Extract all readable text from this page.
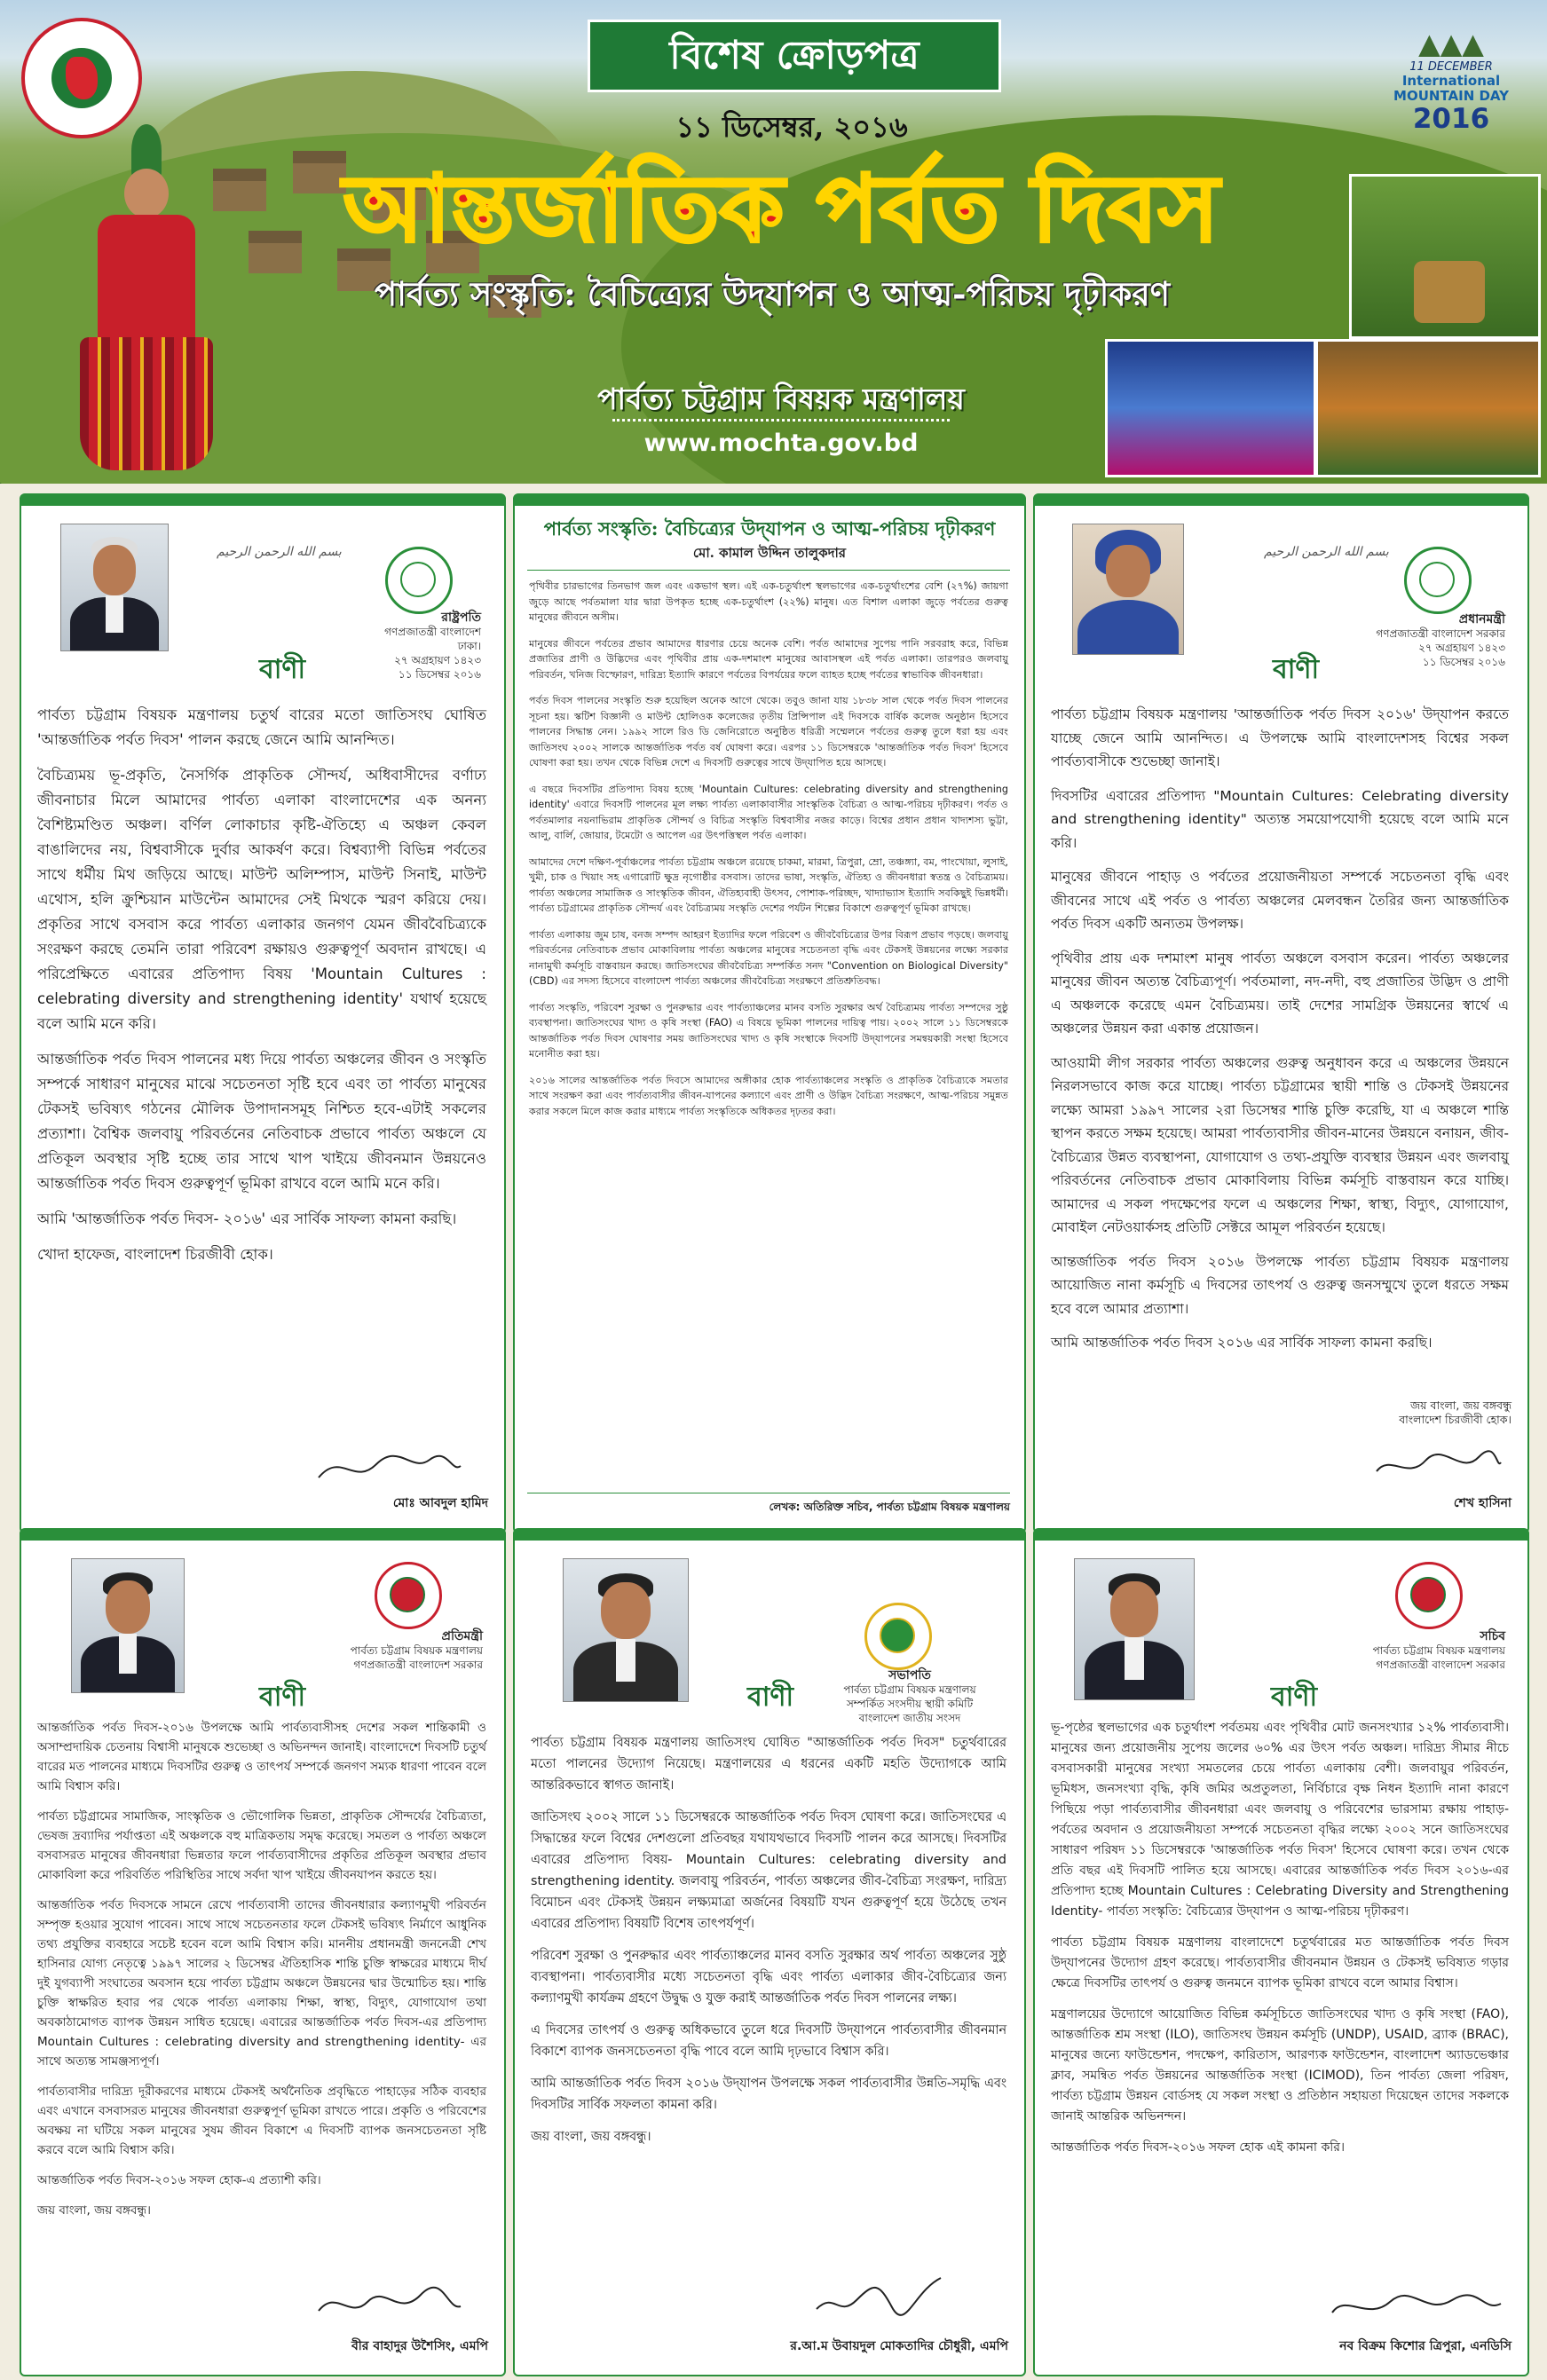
বিশেষ ক্রোড়পত্র
১১ ডিসেম্বর, ২০১৬
আন্তর্জাতিক পর্বত দিবস
পার্বত্য সংস্কৃতি: বৈচিত্র্যের উদ্‌যাপন ও আত্ম-পরিচয় দৃঢ়ীকরণ
পার্বত্য চট্টগ্রাম বিষয়ক মন্ত্রণালয়
www.mochta.gov.bd
▲▲▲
11 DECEMBER
International
MOUNTAIN DAY
2016
بسم الله الرحمن الرحيم
বাণী
রাষ্ট্রপতি
গণপ্রজাতন্ত্রী বাংলাদেশ
ঢাকা।
২৭ অগ্রহায়ণ ১৪২৩
১১ ডিসেম্বর ২০১৬

পার্বত্য চট্টগ্রাম বিষয়ক মন্ত্রণালয় চতুর্থ বারের মতো জাতিসংঘ ঘোষিত 'আন্তর্জাতিক পর্বত দিবস' পালন করছে জেনে আমি আনন্দিত।

বৈচিত্র্যময় ভূ-প্রকৃতি, নৈসর্গিক প্রাকৃতিক সৌন্দর্য, অধিবাসীদের বর্ণাঢ্য জীবনাচার মিলে আমাদের পার্বত্য এলাকা বাংলাদেশের এক অনন্য বৈশিষ্ট্যমণ্ডিত অঞ্চল। বর্ণিল লোকাচার কৃষ্টি-ঐতিহ্যে এ অঞ্চল কেবল বাঙালিদের নয়, বিশ্ববাসীকে দুর্বার আকর্ষণ করে। বিশ্বব্যাপী বিভিন্ন পর্বতের সাথে ধর্মীয় মিথ জড়িয়ে আছে। মাউন্ট অলিম্পাস, মাউন্ট সিনাই, মাউন্ট এথোস, হলি ক্রুশ্চিয়ান মাউন্টেন আমাদের সেই মিথকে স্মরণ করিয়ে দেয়। প্রকৃতির সাথে বসবাস করে পার্বত্য এলাকার জনগণ যেমন জীববৈচিত্র্যকে সংরক্ষণ করছে তেমনি তারা পরিবেশ রক্ষায়ও গুরুত্বপূর্ণ অবদান রাখছে। এ পরিপ্রেক্ষিতে এবারের প্রতিপাদ্য বিষয় 'Mountain Cultures : celebrating diversity and strengthening identity' যথার্থ হয়েছে বলে আমি মনে করি।

আন্তর্জাতিক পর্বত দিবস পালনের মধ্য দিয়ে পার্বত্য অঞ্চলের জীবন ও সংস্কৃতি সম্পর্কে সাধারণ মানুষের মাঝে সচেতনতা সৃষ্টি হবে এবং তা পার্বত্য মানুষের টেকসই ভবিষ্যৎ গঠনের মৌলিক উপাদানসমূহ নিশ্চিত হবে-এটাই সকলের প্রত্যাশা। বৈশ্বিক জলবায়ু পরিবর্তনের নেতিবাচক প্রভাবে পার্বত্য অঞ্চলে যে প্রতিকূল অবস্থার সৃষ্টি হচ্ছে তার সাথে খাপ খাইয়ে জীবনমান উন্নয়নেও আন্তর্জাতিক পর্বত দিবস গুরুত্বপূর্ণ ভূমিকা রাখবে বলে আমি মনে করি।

আমি 'আন্তর্জাতিক পর্বত দিবস- ২০১৬' এর সার্বিক সাফল্য কামনা করছি।

খোদা হাফেজ, বাংলাদেশ চিরজীবী হোক।

মোঃ আবদুল হামিদ
পার্বত্য সংস্কৃতি: বৈচিত্র্যের উদ্‌যাপন ও আত্ম-পরিচয় দৃঢ়ীকরণ
মো. কামাল উদ্দিন তালুকদার

পৃথিবীর চারভাগের তিনভাগ জল এবং একভাগ স্থল। এই এক-চতুর্থাংশ স্থলভাগের এক-চতুর্থাংশের বেশি (২৭%) জায়গা জুড়ে আছে পর্বতমালা যার দ্বারা উপকৃত হচ্ছে এক-চতুর্থাংশ (২২%) মানুষ। এত বিশাল এলাকা জুড়ে পর্বতের গুরুত্ব মানুষের জীবনে অসীম।

মানুষের জীবনে পর্বতের প্রভাব আমাদের ধারণার চেয়ে অনেক বেশি। পর্বত আমাদের সুপেয় পানি সরবরাহ করে, বিভিন্ন প্রজাতির প্রাণী ও উদ্ভিদের এবং পৃথিবীর প্রায় এক-দশমাংশ মানুষের আবাসস্থল এই পর্বত এলাকা। তারপরও জলবায়ু পরিবর্তন, খনিজ বিস্ফোরণ, দারিদ্র্য ইত্যাদি কারণে পর্বতের বিপর্যয়ের ফলে ব্যাহত হচ্ছে পর্বতের স্বাভাবিক জীবনধারা।

পর্বত দিবস পালনের সংস্কৃতি শুরু হয়েছিল অনেক আগে থেকে। তবুও জানা যায় ১৮৩৮ সাল থেকে পর্বত দিবস পালনের সূচনা হয়। স্কটিশ বিজ্ঞানী ও মাউন্ট হোলিওক কলেজের তৃতীয় প্রিন্সিপাল এই দিবসকে বার্ষিক কলেজ অনুষ্ঠান হিসেবে পালনের সিদ্ধান্ত নেন। ১৯৯২ সালে রিও ডি জেনিরোতে অনুষ্ঠিত ধরিত্রী সম্মেলনে পর্বতের গুরুত্ব তুলে ধরা হয় এবং জাতিসংঘ ২০০২ সালকে আন্তর্জাতিক পর্বত বর্ষ ঘোষণা করে। এরপর ১১ ডিসেম্বরকে 'আন্তর্জাতিক পর্বত দিবস' হিসেবে ঘোষণা করা হয়। তখন থেকে বিভিন্ন দেশে এ দিবসটি গুরুত্বের সাথে উদ্‌যাপিত হয়ে আসছে।

এ বছরে দিবসটির প্রতিপাদ্য বিষয় হচ্ছে 'Mountain Cultures: celebrating diversity and strengthening identity' এবারে দিবসটি পালনের মূল লক্ষ্য পার্বত্য এলাকাবাসীর সাংস্কৃতিক বৈচিত্র্য ও আত্ম-পরিচয় দৃঢ়ীকরণ। পর্বত ও পর্বতমালার নয়নাভিরাম প্রাকৃতিক সৌন্দর্য ও বিচিত্র সংস্কৃতি বিশ্ববাসীর নজর কাড়ে। বিশ্বের প্রধান প্রধান খাদ্যশস্য ভুট্টা, আলু, বার্লি, জোয়ার, টমেটো ও আপেল এর উৎপত্তিস্থল পর্বত এলাকা।

আমাদের দেশে দক্ষিণ-পূর্বাঞ্চলের পার্বত্য চট্টগ্রাম অঞ্চলে রয়েছে চাকমা, মারমা, ত্রিপুরা, ম্রো, তঞ্চঙ্গ্যা, বম, পাংখোয়া, লুসাই, খুমী, চাক ও খিয়াং সহ এগারোটি ক্ষুদ্র নৃগোষ্ঠীর বসবাস। তাদের ভাষা, সংস্কৃতি, ঐতিহ্য ও জীবনধারা স্বতন্ত্র ও বৈচিত্র্যময়। পার্বত্য অঞ্চলের সামাজিক ও সাংস্কৃতিক জীবন, ঐতিহ্যবাহী উৎসব, পোশাক-পরিচ্ছদ, খাদ্যাভ্যাস ইত্যাদি সবকিছুই ভিন্নধর্মী। পার্বত্য চট্টগ্রামের প্রাকৃতিক সৌন্দর্য এবং বৈচিত্র্যময় সংস্কৃতি দেশের পর্যটন শিল্পের বিকাশে গুরুত্বপূর্ণ ভূমিকা রাখছে।

পার্বত্য এলাকায় জুম চাষ, বনজ সম্পদ আহরণ ইত্যাদির ফলে পরিবেশ ও জীববৈচিত্র্যের উপর বিরূপ প্রভাব পড়ছে। জলবায়ু পরিবর্তনের নেতিবাচক প্রভাব মোকাবিলায় পার্বত্য অঞ্চলের মানুষের সচেতনতা বৃদ্ধি এবং টেকসই উন্নয়নের লক্ষ্যে সরকার নানামুখী কর্মসূচি বাস্তবায়ন করছে। জাতিসংঘের জীববৈচিত্র্য সম্পর্কিত সনদ "Convention on Biological Diversity" (CBD) এর সদস্য হিসেবে বাংলাদেশ পার্বত্য অঞ্চলের জীববৈচিত্র্য সংরক্ষণে প্রতিশ্রুতিবদ্ধ।

পার্বত্য সংস্কৃতি, পরিবেশ সুরক্ষা ও পুনরুদ্ধার এবং পার্বত্যাঞ্চলের মানব বসতি সুরক্ষার অর্থ বৈচিত্র্যময় পার্বত্য সম্পদের সুষ্ঠু ব্যবস্থাপনা। জাতিসংঘের খাদ্য ও কৃষি সংস্থা (FAO) এ বিষয়ে ভূমিকা পালনের দায়িত্ব পায়। ২০০২ সালে ১১ ডিসেম্বরকে আন্তর্জাতিক পর্বত দিবস ঘোষণার সময় জাতিসংঘের খাদ্য ও কৃষি সংস্থাকে দিবসটি উদ্‌যাপনের সমন্বয়কারী সংস্থা হিসেবে মনোনীত করা হয়।

২০১৬ সালের আন্তর্জাতিক পর্বত দিবসে আমাদের অঙ্গীকার হোক পার্বত্যাঞ্চলের সংস্কৃতি ও প্রাকৃতিক বৈচিত্র্যকে সমতার সাথে সংরক্ষণ করা এবং পার্বত্যবাসীর জীবন-যাপনের কল্যাণে এবং প্রাণী ও উদ্ভিদ বৈচিত্র্য সংরক্ষণে, আত্ম-পরিচয় সমুন্নত করার সকলে মিলে কাজ করার মাধ্যমে পার্বত্য সংস্কৃতিকে অধিকতর দৃঢ়তর করা।

লেখক: অতিরিক্ত সচিব, পার্বত্য চট্টগ্রাম বিষয়ক মন্ত্রণালয়
بسم الله الرحمن الرحيم
বাণী
প্রধানমন্ত্রী
গণপ্রজাতন্ত্রী বাংলাদেশ সরকার
২৭ অগ্রহায়ণ ১৪২৩
১১ ডিসেম্বর ২০১৬

পার্বত্য চট্টগ্রাম বিষয়ক মন্ত্রণালয় 'আন্তর্জাতিক পর্বত দিবস ২০১৬' উদ্‌যাপন করতে যাচ্ছে জেনে আমি আনন্দিত। এ উপলক্ষে আমি বাংলাদেশসহ বিশ্বের সকল পার্বত্যবাসীকে শুভেচ্ছা জানাই।

দিবসটির এবারের প্রতিপাদ্য "Mountain Cultures: Celebrating diversity and strengthening identity" অত্যন্ত সময়োপযোগী হয়েছে বলে আমি মনে করি।

মানুষের জীবনে পাহাড় ও পর্বতের প্রয়োজনীয়তা সম্পর্কে সচেতনতা বৃদ্ধি এবং জীবনের সাথে এই পর্বত ও পার্বত্য অঞ্চলের মেলবন্ধন তৈরির জন্য আন্তর্জাতিক পর্বত দিবস একটি অন্যতম উপলক্ষ।

পৃথিবীর প্রায় এক দশমাংশ মানুষ পার্বত্য অঞ্চলে বসবাস করেন। পার্বত্য অঞ্চলের মানুষের জীবন অত্যন্ত বৈচিত্র্যপূর্ণ। পর্বতমালা, নদ-নদী, বহু প্রজাতির উদ্ভিদ ও প্রাণী এ অঞ্চলকে করেছে এমন বৈচিত্র্যময়। তাই দেশের সামগ্রিক উন্নয়নের স্বার্থে এ অঞ্চলের উন্নয়ন করা একান্ত প্রয়োজন।

আওয়ামী লীগ সরকার পার্বত্য অঞ্চলের গুরুত্ব অনুধাবন করে এ অঞ্চলের উন্নয়নে নিরলসভাবে কাজ করে যাচ্ছে। পার্বত্য চট্টগ্রামের স্থায়ী শান্তি ও টেকসই উন্নয়নের লক্ষ্যে আমরা ১৯৯৭ সালের ২রা ডিসেম্বর শান্তি চুক্তি করেছি, যা এ অঞ্চলে শান্তি স্থাপন করতে সক্ষম হয়েছে। আমরা পার্বত্যবাসীর জীবন-মানের উন্নয়নে বনায়ন, জীব-বৈচিত্র্যের উন্নত ব্যবস্থাপনা, যোগাযোগ ও তথ্য-প্রযুক্তি ব্যবস্থার উন্নয়ন এবং জলবায়ু পরিবর্তনের নেতিবাচক প্রভাব মোকাবিলায় বিভিন্ন কর্মসূচি বাস্তবায়ন করে যাচ্ছি। আমাদের এ সকল পদক্ষেপের ফলে এ অঞ্চলের শিক্ষা, স্বাস্থ্য, বিদ্যুৎ, যোগাযোগ, মোবাইল নেটওয়ার্কসহ প্রতিটি সেক্টরে আমূল পরিবর্তন হয়েছে।

আন্তর্জাতিক পর্বত দিবস ২০১৬ উপলক্ষে পার্বত্য চট্টগ্রাম বিষয়ক মন্ত্রণালয় আয়োজিত নানা কর্মসূচি এ দিবসের তাৎপর্য ও গুরুত্ব জনসম্মুখে তুলে ধরতে সক্ষম হবে বলে আমার প্রত্যাশা।

আমি আন্তর্জাতিক পর্বত দিবস ২০১৬ এর সার্বিক সাফল্য কামনা করছি।

জয় বাংলা, জয় বঙ্গবন্ধু
বাংলাদেশ চিরজীবী হোক।
শেখ হাসিনা
বাণী
প্রতিমন্ত্রী
পার্বত্য চট্টগ্রাম বিষয়ক মন্ত্রণালয়
গণপ্রজাতন্ত্রী বাংলাদেশ সরকার

আন্তর্জাতিক পর্বত দিবস-২০১৬ উপলক্ষে আমি পার্বত্যবাসীসহ দেশের সকল শান্তিকামী ও অসাম্প্রদায়িক চেতনায় বিশ্বাসী মানুষকে শুভেচ্ছা ও অভিনন্দন জানাই। বাংলাদেশে দিবসটি চতুর্থ বারের মত পালনের মাধ্যমে দিবসটির গুরুত্ব ও তাৎপর্য সম্পর্কে জনগণ সম্যক ধারণা পাবেন বলে আমি বিশ্বাস করি।

পার্বত্য চট্টগ্রামের সামাজিক, সাংস্কৃতিক ও ভৌগোলিক ভিন্নতা, প্রাকৃতিক সৌন্দর্যের বৈচিত্র্যতা, ভেষজ দ্রব্যাদির পর্যাপ্ততা এই অঞ্চলকে বহু মাত্রিকতায় সমৃদ্ধ করেছে। সমতল ও পার্বত্য অঞ্চলে বসবাসরত মানুষের জীবনধারা ভিন্নতার ফলে পার্বত্যবাসীদের প্রকৃতির প্রতিকূল অবস্থার প্রভাব মোকাবিলা করে পরিবর্তিত পরিস্থিতির সাথে সর্বদা খাপ খাইয়ে জীবনযাপন করতে হয়।

আন্তর্জাতিক পর্বত দিবসকে সামনে রেখে পার্বত্যবাসী তাদের জীবনধারার কল্যাণমুখী পরিবর্তন সম্পৃক্ত হওয়ার সুযোগ পাবেন। সাথে সাথে সচেতনতার ফলে টেকসই ভবিষ্যৎ নির্মাণে আধুনিক তথ্য প্রযুক্তির ব্যবহারে সচেষ্ট হবেন বলে আমি বিশ্বাস করি। মাননীয় প্রধানমন্ত্রী জননেত্রী শেখ হাসিনার যোগ্য নেতৃত্বে ১৯৯৭ সালের ২ ডিসেম্বর ঐতিহাসিক শান্তি চুক্তি স্বাক্ষরের মাধ্যমে দীর্ঘ দুই যুগব্যাপী সংঘাতের অবসান হয়ে পার্বত্য চট্টগ্রাম অঞ্চলে উন্নয়নের দ্বার উন্মোচিত হয়। শান্তি চুক্তি স্বাক্ষরিত হবার পর থেকে পার্বত্য এলাকায় শিক্ষা, স্বাস্থ্য, বিদ্যুৎ, যোগাযোগ তথা অবকাঠামোগত ব্যাপক উন্নয়ন সাধিত হয়েছে। এবারের আন্তর্জাতিক পর্বত দিবস-এর প্রতিপাদ্য Mountain Cultures : celebrating diversity and strengthening identity- এর সাথে অত্যন্ত সামঞ্জস্যপূর্ণ।

পার্বত্যবাসীর দারিদ্র্য দূরীকরণের মাধ্যমে টেকসই অর্থনৈতিক প্রবৃদ্ধিতে পাহাড়ের সঠিক ব্যবহার এবং এখানে বসবাসরত মানুষের জীবনধারা গুরুত্বপূর্ণ ভূমিকা রাখতে পারে। প্রকৃতি ও পরিবেশের অবক্ষয় না ঘটিয়ে সকল মানুষের সুষম জীবন বিকাশে এ দিবসটি ব্যাপক জনসচেতনতা সৃষ্টি করবে বলে আমি বিশ্বাস করি।

আন্তর্জাতিক পর্বত দিবস-২০১৬ সফল হোক-এ প্রত্যাশী করি।

জয় বাংলা, জয় বঙ্গবন্ধু।

বীর বাহাদুর উশৈসিং, এমপি
বাণী
সভাপতি
পার্বত্য চট্টগ্রাম বিষয়ক মন্ত্রণালয়
সম্পর্কিত সংসদীয় স্থায়ী কমিটি
বাংলাদেশ জাতীয় সংসদ

পার্বত্য চট্টগ্রাম বিষয়ক মন্ত্রণালয় জাতিসংঘ ঘোষিত "আন্তর্জাতিক পর্বত দিবস" চতুর্থবারের মতো পালনের উদ্যোগ নিয়েছে। মন্ত্রণালয়ের এ ধরনের একটি মহতি উদ্যোগকে আমি আন্তরিকভাবে স্বাগত জানাই।

জাতিসংঘ ২০০২ সালে ১১ ডিসেম্বরকে আন্তর্জাতিক পর্বত দিবস ঘোষণা করে। জাতিসংঘের এ সিদ্ধান্তের ফলে বিশ্বের দেশগুলো প্রতিবছর যথাযথভাবে দিবসটি পালন করে আসছে। দিবসটির এবারের প্রতিপাদ্য বিষয়- Mountain Cultures: celebrating diversity and strengthening identity. জলবায়ু পরিবর্তন, পার্বত্য অঞ্চলের জীব-বৈচিত্র্য সংরক্ষণ, দারিদ্র্য বিমোচন এবং টেকসই উন্নয়ন লক্ষ্যমাত্রা অর্জনের বিষয়টি যখন গুরুত্বপূর্ণ হয়ে উঠেছে তখন এবারের প্রতিপাদ্য বিষয়টি বিশেষ তাৎপর্যপূর্ণ।

পরিবেশ সুরক্ষা ও পুনরুদ্ধার এবং পার্বত্যাঞ্চলের মানব বসতি সুরক্ষার অর্থ পার্বত্য অঞ্চলের সুষ্ঠু ব্যবস্থাপনা। পার্বত্যবাসীর মধ্যে সচেতনতা বৃদ্ধি এবং পার্বত্য এলাকার জীব-বৈচিত্র্যের জন্য কল্যাণমুখী কার্যক্রম গ্রহণে উদ্বুদ্ধ ও যুক্ত করাই আন্তর্জাতিক পর্বত দিবস পালনের লক্ষ্য।

এ দিবসের তাৎপর্য ও গুরুত্ব অধিকভাবে তুলে ধরে দিবসটি উদ্‌যাপনে পার্বত্যবাসীর জীবনমান বিকাশে ব্যাপক জনসচেতনতা বৃদ্ধি পাবে বলে আমি দৃঢ়ভাবে বিশ্বাস করি।

আমি আন্তর্জাতিক পর্বত দিবস ২০১৬ উদ্‌যাপন উপলক্ষে সকল পার্বত্যবাসীর উন্নতি-সমৃদ্ধি এবং দিবসটির সার্বিক সফলতা কামনা করি।

জয় বাংলা, জয় বঙ্গবন্ধু।

র.আ.ম উবায়দুল মোকতাদির চৌধুরী, এমপি
বাণী
সচিব
পার্বত্য চট্টগ্রাম বিষয়ক মন্ত্রণালয়
গণপ্রজাতন্ত্রী বাংলাদেশ সরকার

ভূ-পৃষ্ঠের স্থলভাগের এক চতুর্থাংশ পর্বতময় এবং পৃথিবীর মোট জনসংখ্যার ১২% পার্বত্যবাসী। মানুষের জন্য প্রয়োজনীয় সুপেয় জলের ৬০% এর উৎস পর্বত অঞ্চল। দারিদ্র্য সীমার নীচে বসবাসকারী মানুষের সংখ্যা সমতলের চেয়ে পার্বত্য এলাকায় বেশী। জলবায়ুর পরিবর্তন, ভূমিধস, জনসংখ্যা বৃদ্ধি, কৃষি জমির অপ্রতুলতা, নির্বিচারে বৃক্ষ নিধন ইত্যাদি নানা কারণে পিছিয়ে পড়া পার্বত্যবাসীর জীবনধারা এবং জলবায়ু ও পরিবেশের ভারসাম্য রক্ষায় পাহাড়-পর্বতের অবদান ও প্রয়োজনীয়তা সম্পর্কে সচেতনতা বৃদ্ধির লক্ষ্যে ২০০২ সনে জাতিসংঘের সাধারণ পরিষদ ১১ ডিসেম্বরকে 'আন্তর্জাতিক পর্বত দিবস' হিসেবে ঘোষণা করে। তখন থেকে প্রতি বছর এই দিবসটি পালিত হয়ে আসছে। এবারের আন্তর্জাতিক পর্বত দিবস ২০১৬-এর প্রতিপাদ্য হচ্ছে Mountain Cultures : Celebrating Diversity and Strengthening Identity- পার্বত্য সংস্কৃতি: বৈচিত্র্যের উদ্‌যাপন ও আত্ম-পরিচয় দৃঢ়ীকরণ।

পার্বত্য চট্টগ্রাম বিষয়ক মন্ত্রণালয় বাংলাদেশে চতুর্থবারের মত আন্তর্জাতিক পর্বত দিবস উদ্‌যাপনের উদ্যোগ গ্রহণ করেছে। পার্বত্যবাসীর জীবনমান উন্নয়ন ও টেকসই ভবিষ্যত গড়ার ক্ষেত্রে দিবসটির তাৎপর্য ও গুরুত্ব জনমনে ব্যাপক ভূমিকা রাখবে বলে আমার বিশ্বাস।

মন্ত্রণালয়ের উদ্যোগে আয়োজিত বিভিন্ন কর্মসূচিতে জাতিসংঘের খাদ্য ও কৃষি সংস্থা (FAO), আন্তর্জাতিক শ্রম সংস্থা (ILO), জাতিসংঘ উন্নয়ন কর্মসূচি (UNDP), USAID, ব্র্যাক (BRAC), মানুষের জন্যে ফাউন্ডেশন, পদক্ষেপ, কারিতাস, আরণ্যক ফাউন্ডেশন, বাংলাদেশ অ্যাডভেঞ্চার ক্লাব, সমন্বিত পর্বত উন্নয়নের আন্তর্জাতিক সংস্থা (ICIMOD), তিন পার্বত্য জেলা পরিষদ, পার্বত্য চট্টগ্রাম উন্নয়ন বোর্ডসহ যে সকল সংস্থা ও প্রতিষ্ঠান সহায়তা দিয়েছেন তাদের সকলকে জানাই আন্তরিক অভিনন্দন।

আন্তর্জাতিক পর্বত দিবস-২০১৬ সফল হোক এই কামনা করি।

নব বিক্রম কিশোর ত্রিপুরা, এনডিসি
